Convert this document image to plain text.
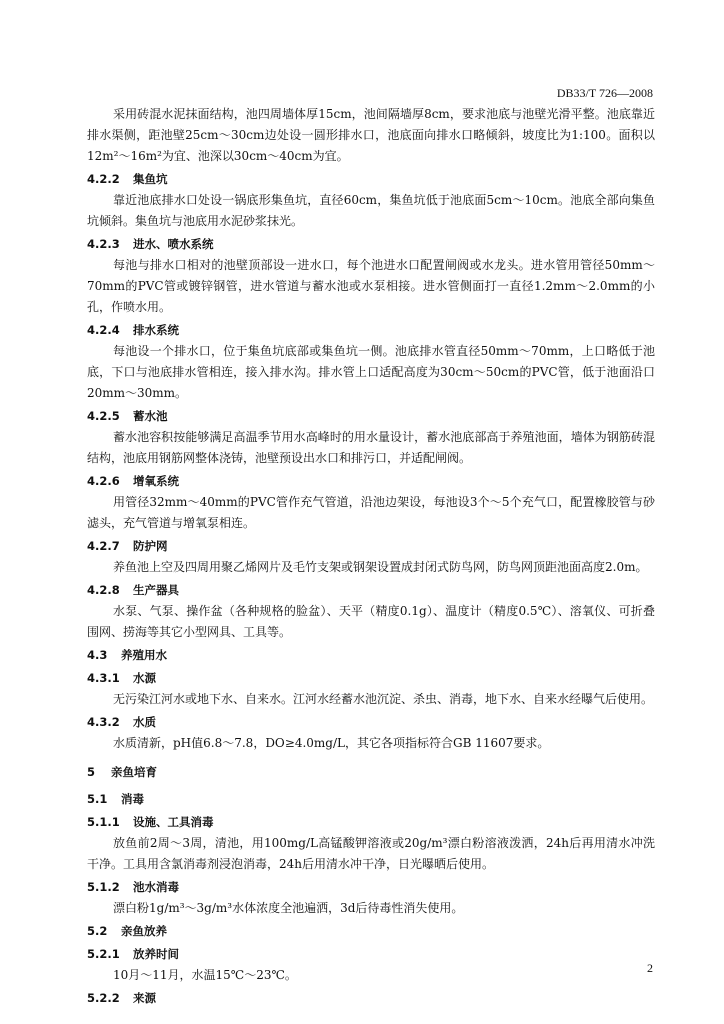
DB33/T 726—2008

采用砖混水泥抹面结构，池四周墙体厚15cm，池间隔墙厚8cm，要求池底与池壁光滑平整。池底靠近排水渠侧，距池壁25cm～30cm边处设一圆形排水口，池底面向排水口略倾斜，坡度比为1:100。面积以12m²～16m²为宜、池深以30cm～40cm为宜。

4.2.2 集鱼坑

靠近池底排水口处设一锅底形集鱼坑，直径60cm，集鱼坑低于池底面5cm～10cm。池底全部向集鱼坑倾斜。集鱼坑与池底用水泥砂浆抹光。

4.2.3 进水、喷水系统

每池与排水口相对的池壁顶部设一进水口，每个池进水口配置闸阀或水龙头。进水管用管径50mm～70mm的PVC管或镀锌钢管，进水管道与蓄水池或水泵相接。进水管侧面打一直径1.2mm～2.0mm的小孔，作喷水用。

4.2.4 排水系统

每池设一个排水口，位于集鱼坑底部或集鱼坑一侧。池底排水管直径50mm～70mm，上口略低于池底，下口与池底排水管相连，接入排水沟。排水管上口适配高度为30cm～50cm的PVC管，低于池面沿口20mm～30mm。

4.2.5 蓄水池

蓄水池容积按能够满足高温季节用水高峰时的用水量设计，蓄水池底部高于养殖池面，墙体为钢筋砖混结构，池底用钢筋网整体浇铸，池壁预设出水口和排污口，并适配闸阀。

4.2.6 增氧系统

用管径32mm～40mm的PVC管作充气管道，沿池边架设，每池设3个～5个充气口，配置橡胶管与砂滤头，充气管道与增氧泵相连。

4.2.7 防护网

养鱼池上空及四周用聚乙烯网片及毛竹支架或钢架设置成封闭式防鸟网，防鸟网顶距池面高度2.0m。

4.2.8 生产器具

水泵、气泵、操作盆（各种规格的脸盆）、天平（精度0.1g）、温度计（精度0.5℃）、溶氧仪、可折叠围网、捞海等其它小型网具、工具等。

4.3 养殖用水
4.3.1 水源

无污染江河水或地下水、自来水。江河水经蓄水池沉淀、杀虫、消毒，地下水、自来水经曝气后使用。

4.3.2 水质

水质清新，pH值6.8～7.8，DO≥4.0mg/L，其它各项指标符合GB 11607要求。

5 亲鱼培育
5.1 消毒
5.1.1 设施、工具消毒

放鱼前2周～3周，清池，用100mg/L高锰酸钾溶液或20g/m³漂白粉溶液泼洒，24h后再用清水冲洗干净。工具用含氯消毒剂浸泡消毒，24h后用清水冲干净，日光曝晒后使用。

5.1.2 池水消毒

漂白粉1g/m³～3g/m³水体浓度全池遍洒，3d后待毒性消失使用。

5.2 亲鱼放养
5.2.1 放养时间

10月～11月，水温15℃～23℃。

5.2.2 来源
2
